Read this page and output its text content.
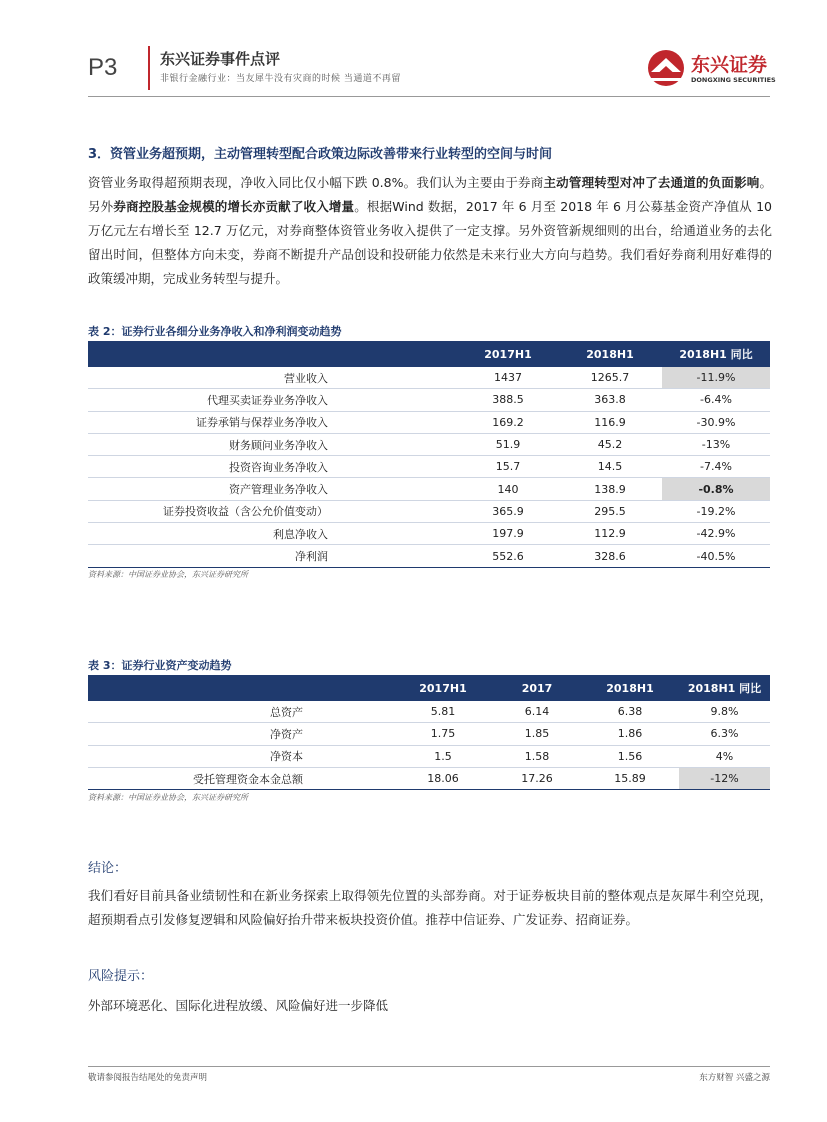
P3	东兴证券事件点评
非银行金融行业：当友犀牛没有灾商的时候 当通道不再留
东兴证券
DONGXING SECURITIES
3．资管业务超预期，主动管理转型配合政策边际改善带来行业转型的空间与时间
资管业务取得超预期表现，净收入同比仅小幅下跌 0.8%。我们认为主要由于券商主动管理转型对冲了去通道的负面影响。另外券商控股基金规模的增长亦贡献了收入增量。根据Wind 数据，2017 年 6 月至 2018 年 6 月公募基金资产净值从 10 万亿元左右增长至 12.7 万亿元，对券商整体资管业务收入提供了一定支撑。另外资管新规细则的出台，给通道业务的去化留出时间，但整体方向未变，券商不断提升产品创设和投研能力依然是未来行业大方向与趋势。我们看好券商利用好难得的政策缓冲期，完成业务转型与提升。
表 2：证券行业各细分业务净收入和净利润变动趋势
	2017H1	2018H1	2018H1 同比
营业收入	1437	1265.7	-11.9%
代理买卖证券业务净收入	388.5	363.8	-6.4%
证券承销与保荐业务净收入	169.2	116.9	-30.9%
财务顾问业务净收入	51.9	45.2	-13%
投资咨询业务净收入	15.7	14.5	-7.4%
资产管理业务净收入	140	138.9	-0.8%
证券投资收益（含公允价值变动）	365.9	295.5	-19.2%
利息净收入	197.9	112.9	-42.9%
净利润	552.6	328.6	-40.5%
资料来源：中国证券业协会，东兴证券研究所
表 3：证券行业资产变动趋势
	2017H1	2017	2018H1	2018H1 同比
总资产	5.81	6.14	6.38	9.8%
净资产	1.75	1.85	1.86	6.3%
净资本	1.5	1.58	1.56	4%
受托管理资金本金总额	18.06	17.26	15.89	-12%
资料来源：中国证券业协会，东兴证券研究所
结论：
我们看好目前具备业绩韧性和在新业务探索上取得领先位置的头部券商。对于证券板块目前的整体观点是灰犀牛利空兑现，超预期看点引发修复逻辑和风险偏好抬升带来板块投资价值。推荐中信证券、广发证券、招商证券。
风险提示：
外部环境恶化、国际化进程放缓、风险偏好进一步降低
敬请参阅报告结尾处的免责声明	东方财智 兴盛之源
